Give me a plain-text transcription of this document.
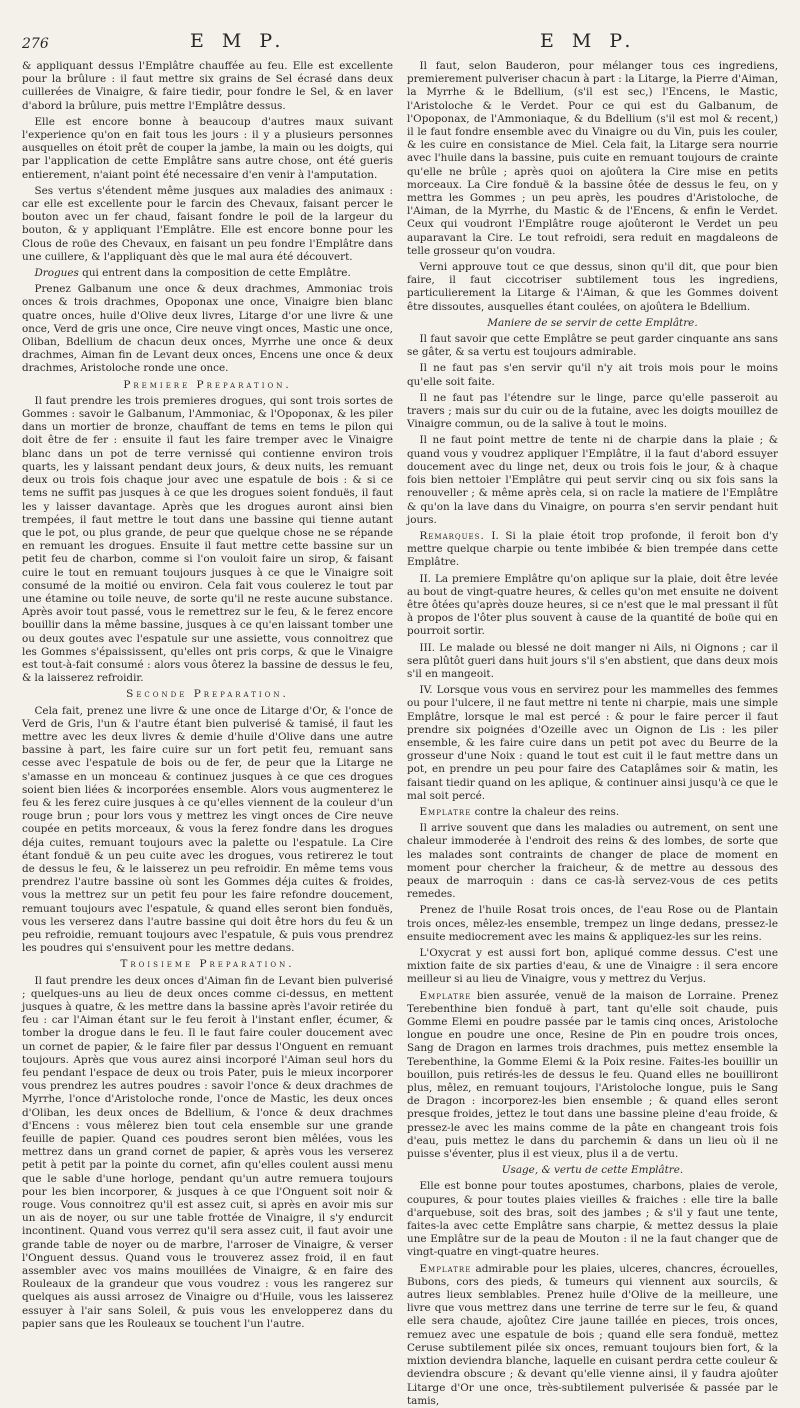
276	E M P.	E M P.

& appliquant dessus l'Emplâtre chauffée au feu. Elle est excellente pour la brûlure : il faut mettre six grains de Sel écrasé dans deux cuillerées de Vinaigre, & faire tiedir, pour fondre le Sel, & en laver d'abord la brûlure, puis mettre l'Emplâtre dessus.

Elle est encore bonne à beaucoup d'autres maux suivant l'experience qu'on en fait tous les jours : il y a plusieurs personnes ausquelles on étoit prêt de couper la jambe, la main ou les doigts, qui par l'application de cette Emplâtre sans autre chose, ont été gueris entierement, n'aiant point été necessaire d'en venir à l'amputation.

Ses vertus s'étendent même jusques aux maladies des animaux : car elle est excellente pour le farcin des Chevaux, faisant percer le bouton avec un fer chaud, faisant fondre le poil de la largeur du bouton, & y appliquant l'Emplâtre. Elle est encore bonne pour les Clous de roüe des Chevaux, en faisant un peu fondre l'Emplâtre dans une cuillere, & l'appliquant dès que le mal aura été découvert.

Drogues qui entrent dans la composition de cette Emplâtre.

Prenez Galbanum une once & deux drachmes, Ammoniac trois onces & trois drachmes, Opoponax une once, Vinaigre bien blanc quatre onces, huile d'Olive deux livres, Litarge d'or une livre & une once, Verd de gris une once, Cire neuve vingt onces, Mastic une once, Oliban, Bdellium de chacun deux onces, Myrrhe une once & deux drachmes, Aiman fin de Levant deux onces, Encens une once & deux drachmes, Aristoloche ronde une once.

Premiere Preparation.

Il faut prendre les trois premieres drogues, qui sont trois sortes de Gommes : savoir le Galbanum, l'Ammoniac, & l'Opoponax, & les piler dans un mortier de bronze, chauffant de tems en tems le pilon qui doit être de fer : ensuite il faut les faire tremper avec le Vinaigre blanc dans un pot de terre vernissé qui contienne environ trois quarts, les y laissant pendant deux jours, & deux nuits, les remuant deux ou trois fois chaque jour avec une espatule de bois : & si ce tems ne suffit pas jusques à ce que les drogues soient fonduës, il faut les y laisser davantage. Après que les drogues auront ainsi bien trempées, il faut mettre le tout dans une bassine qui tienne autant que le pot, ou plus grande, de peur que quelque chose ne se répande en remuant les drogues. Ensuite il faut mettre cette bassine sur un petit feu de charbon, comme si l'on vouloit faire un sirop, & faisant cuire le tout en remuant toujours jusques à ce que le Vinaigre soit consumé de la moitié ou environ. Cela fait vous coulerez le tout par une étamine ou toile neuve, de sorte qu'il ne reste aucune substance. Après avoir tout passé, vous le remettrez sur le feu, & le ferez encore bouillir dans la même bassine, jusques à ce qu'en laissant tomber une ou deux goutes avec l'espatule sur une assiette, vous connoitrez que les Gommes s'épaississent, qu'elles ont pris corps, & que le Vinaigre est tout-à-fait consumé : alors vous ôterez la bassine de dessus le feu, & la laisserez refroidir.

Seconde Preparation.

Cela fait, prenez une livre & une once de Litarge d'Or, & l'once de Verd de Gris, l'un & l'autre étant bien pulverisé & tamisé, il faut les mettre avec les deux livres & demie d'huile d'Olive dans une autre bassine à part, les faire cuire sur un fort petit feu, remuant sans cesse avec l'espatule de bois ou de fer, de peur que la Litarge ne s'amasse en un monceau & continuez jusques à ce que ces drogues soient bien liées & incorporées ensemble. Alors vous augmenterez le feu & les ferez cuire jusques à ce qu'elles viennent de la couleur d'un rouge brun ; pour lors vous y mettrez les vingt onces de Cire neuve coupée en petits morceaux, & vous la ferez fondre dans les drogues déja cuites, remuant toujours avec la palette ou l'espatule. La Cire étant fonduë & un peu cuite avec les drogues, vous retirerez le tout de dessus le feu, & le laisserez un peu refroidir. En même tems vous prendrez l'autre bassine où sont les Gommes déja cuites & froides, vous la mettrez sur un petit feu pour les faire refondre doucement, remuant toujours avec l'espatule, & quand elles seront bien fonduës, vous les verserez dans l'autre bassine qui doit être hors du feu & un peu refroidie, remuant toujours avec l'espatule, & puis vous prendrez les poudres qui s'ensuivent pour les mettre dedans.

Troisieme Preparation.

Il faut prendre les deux onces d'Aiman fin de Levant bien pulverisé ; quelques-uns au lieu de deux onces comme ci-dessus, en mettent jusques à quatre, & les mettre dans la bassine après l'avoir retirée du feu : car l'Aiman étant sur le feu feroit à l'instant enfler, écumer, & tomber la drogue dans le feu. Il le faut faire couler doucement avec un cornet de papier, & le faire filer par dessus l'Onguent en remuant toujours. Après que vous aurez ainsi incorporé l'Aiman seul hors du feu pendant l'espace de deux ou trois Pater, puis le mieux incorporer vous prendrez les autres poudres : savoir l'once & deux drachmes de Myrrhe, l'once d'Aristoloche ronde, l'once de Mastic, les deux onces d'Oliban, les deux onces de Bdellium, & l'once & deux drachmes d'Encens : vous mêlerez bien tout cela ensemble sur une grande feuille de papier. Quand ces poudres seront bien mêlées, vous les mettrez dans un grand cornet de papier, & après vous les verserez petit à petit par la pointe du cornet, afin qu'elles coulent aussi menu que le sable d'une horloge, pendant qu'un autre remuera toujours pour les bien incorporer, & jusques à ce que l'Onguent soit noir & rouge. Vous connoitrez qu'il est assez cuit, si après en avoir mis sur un ais de noyer, ou sur une table frottée de Vinaigre, il s'y endurcit incontinent. Quand vous verrez qu'il sera assez cuit, il faut avoir une grande table de noyer ou de marbre, l'arroser de Vinaigre, & verser l'Onguent dessus. Quand vous le trouverez assez froid, il en faut assembler avec vos mains mouillées de Vinaigre, & en faire des Rouleaux de la grandeur que vous voudrez : vous les rangerez sur quelques ais aussi arrosez de Vinaigre ou d'Huile, vous les laisserez essuyer à l'air sans Soleil, & puis vous les envelopperez dans du papier sans que les Rouleaux se touchent l'un l'autre.

Il faut, selon Bauderon, pour mélanger tous ces ingrediens, premierement pulveriser chacun à part : la Litarge, la Pierre d'Aiman, la Myrrhe & le Bdellium, (s'il est sec,) l'Encens, le Mastic, l'Aristoloche & le Verdet. Pour ce qui est du Galbanum, de l'Opoponax, de l'Ammoniaque, & du Bdellium (s'il est mol & recent,) il le faut fondre ensemble avec du Vinaigre ou du Vin, puis les couler, & les cuire en consistance de Miel. Cela fait, la Litarge sera nourrie avec l'huile dans la bassine, puis cuite en remuant toujours de crainte qu'elle ne brûle ; après quoi on ajoûtera la Cire mise en petits morceaux. La Cire fonduë & la bassine ôtée de dessus le feu, on y mettra les Gommes ; un peu après, les poudres d'Aristoloche, de l'Aiman, de la Myrrhe, du Mastic & de l'Encens, & enfin le Verdet. Ceux qui voudront l'Emplâtre rouge ajoûteront le Verdet un peu auparavant la Cire. Le tout refroidi, sera reduit en magdaleons de telle grosseur qu'on voudra.

Verni approuve tout ce que dessus, sinon qu'il dit, que pour bien faire, il faut ciccotriser subtilement tous les ingrediens, particulierement la Litarge & l'Aiman, & que les Gommes doivent être dissoutes, ausquelles étant coulées, on ajoûtera le Bdellium.

Maniere de se servir de cette Emplâtre.

Il faut savoir que cette Emplâtre se peut garder cinquante ans sans se gâter, & sa vertu est toujours admirable.

Il ne faut pas s'en servir qu'il n'y ait trois mois pour le moins qu'elle soit faite.

Il ne faut pas l'étendre sur le linge, parce qu'elle passeroit au travers ; mais sur du cuir ou de la futaine, avec les doigts mouillez de Vinaigre commun, ou de la salive à tout le moins.

Il ne faut point mettre de tente ni de charpie dans la plaie ; & quand vous y voudrez appliquer l'Emplâtre, il la faut d'abord essuyer doucement avec du linge net, deux ou trois fois le jour, & à chaque fois bien nettoier l'Emplâtre qui peut servir cinq ou six fois sans la renouveller ; & même après cela, si on racle la matiere de l'Emplâtre & qu'on la lave dans du Vinaigre, on pourra s'en servir pendant huit jours.

Remarques. I. Si la plaie étoit trop profonde, il feroit bon d'y mettre quelque charpie ou tente imbibée & bien trempée dans cette Emplâtre.

II. La premiere Emplâtre qu'on aplique sur la plaie, doit être levée au bout de vingt-quatre heures, & celles qu'on met ensuite ne doivent être ôtées qu'après douze heures, si ce n'est que le mal pressant il fût à propos de l'ôter plus souvent à cause de la quantité de boüe qui en pourroit sortir.

III. Le malade ou blessé ne doit manger ni Ails, ni Oignons ; car il sera plûtôt gueri dans huit jours s'il s'en abstient, que dans deux mois s'il en mangeoit.

IV. Lorsque vous vous en servirez pour les mammelles des femmes ou pour l'ulcere, il ne faut mettre ni tente ni charpie, mais une simple Emplâtre, lorsque le mal est percé : & pour le faire percer il faut prendre six poignées d'Ozeille avec un Oignon de Lis : les piler ensemble, & les faire cuire dans un petit pot avec du Beurre de la grosseur d'une Noix : quand le tout est cuit il le faut mettre dans un pot, en prendre un peu pour faire des Cataplâmes soir & matin, les faisant tiedir quand on les aplique, & continuer ainsi jusqu'à ce que le mal soit percé.

Emplatre contre la chaleur des reins.

Il arrive souvent que dans les maladies ou autrement, on sent une chaleur immoderée à l'endroit des reins & des lombes, de sorte que les malades sont contraints de changer de place de moment en moment pour chercher la fraicheur, & de mettre au dessous des peaux de marroquin : dans ce cas-là servez-vous de ces petits remedes.

Prenez de l'huile Rosat trois onces, de l'eau Rose ou de Plantain trois onces, mêlez-les ensemble, trempez un linge dedans, pressez-le ensuite mediocrement avec les mains & appliquez-les sur les reins.

L'Oxycrat y est aussi fort bon, apliqué comme dessus. C'est une mixtion faite de six parties d'eau, & une de Vinaigre : il sera encore meilleur si au lieu de Vinaigre, vous y mettrez du Verjus.

Emplatre bien assurée, venuë de la maison de Lorraine. Prenez Terebenthine bien fonduë à part, tant qu'elle soit chaude, puis Gomme Elemi en poudre passée par le tamis cinq onces, Aristoloche longue en poudre une once, Resine de Pin en poudre trois onces, Sang de Dragon en larmes trois drachmes, puis mettez ensemble la Terebenthine, la Gomme Elemi & la Poix resine. Faites-les bouillir un bouillon, puis retirés-les de dessus le feu. Quand elles ne bouilliront plus, mêlez, en remuant toujours, l'Aristoloche longue, puis le Sang de Dragon : incorporez-les bien ensemble ; & quand elles seront presque froides, jettez le tout dans une bassine pleine d'eau froide, & pressez-le avec les mains comme de la pâte en changeant trois fois d'eau, puis mettez le dans du parchemin & dans un lieu où il ne puisse s'éventer, plus il est vieux, plus il a de vertu.

Usage, & vertu de cette Emplâtre.

Elle est bonne pour toutes apostumes, charbons, plaies de verole, coupures, & pour toutes plaies vieilles & fraiches : elle tire la balle d'arquebuse, soit des bras, soit des jambes ; & s'il y faut une tente, faites-la avec cette Emplâtre sans charpie, & mettez dessus la plaie une Emplâtre sur de la peau de Mouton : il ne la faut changer que de vingt-quatre en vingt-quatre heures.

Emplatre admirable pour les plaies, ulceres, chancres, écrouelles, Bubons, cors des pieds, & tumeurs qui viennent aux sourcils, & autres lieux semblables. Prenez huile d'Olive de la meilleure, une livre que vous mettrez dans une terrine de terre sur le feu, & quand elle sera chaude, ajoûtez Cire jaune taillée en pieces, trois onces, remuez avec une espatule de bois ; quand elle sera fonduë, mettez Ceruse subtilement pilée six onces, remuant toujours bien fort, & la mixtion deviendra blanche, laquelle en cuisant perdra cette couleur & deviendra obscure ; & devant qu'elle vienne ainsi, il y faudra ajoûter Litarge d'Or une once, très-subtilement pulverisée & passée par le tamis,
